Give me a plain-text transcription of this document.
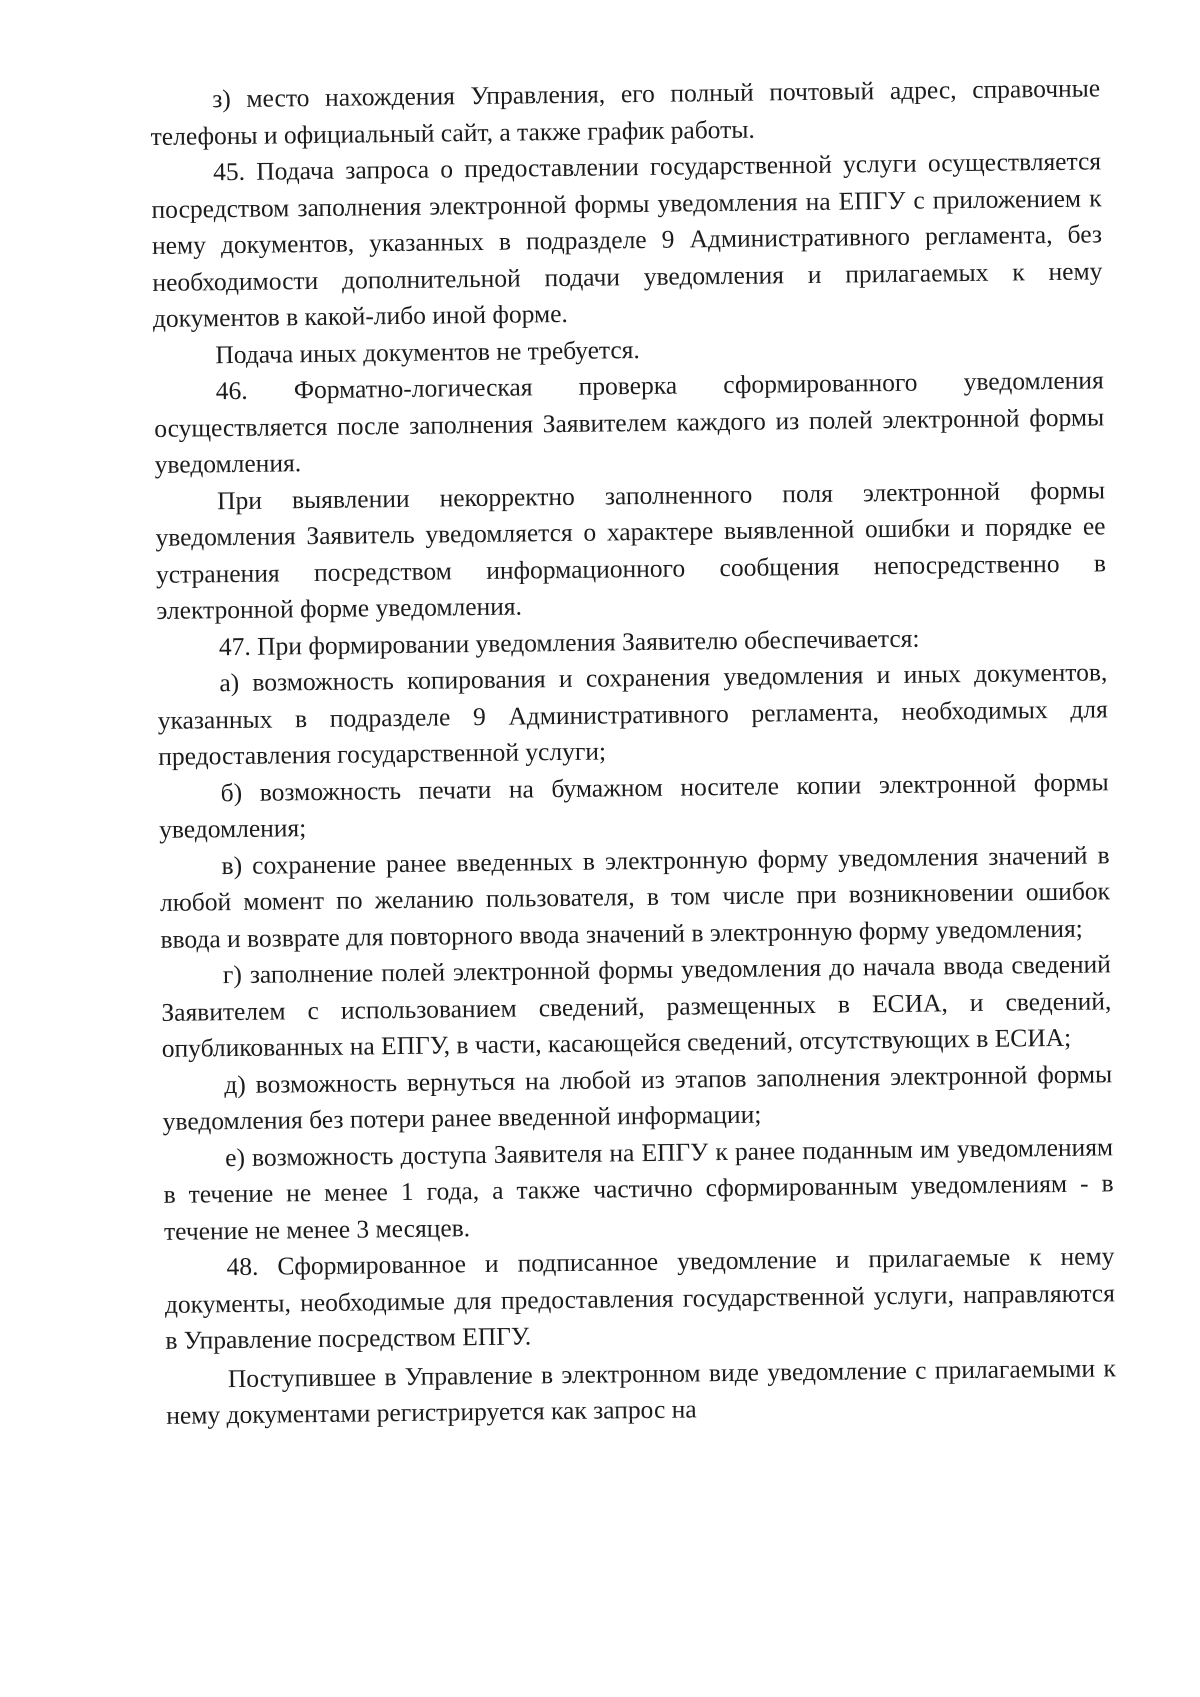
з) место нахождения Управления, его полный почтовый адрес, справочные телефоны и официальный сайт, а также график работы.

45. Подача запроса о предоставлении государственной услуги осуществляется посредством заполнения электронной формы уведомления на ЕПГУ с приложением к нему документов, указанных в подразделе 9 Административного регламента, без необходимости дополнительной подачи уведомления и прилагаемых к нему документов в какой-либо иной форме.

Подача иных документов не требуется.

46. Форматно-логическая проверка сформированного уведомления осуществляется после заполнения Заявителем каждого из полей электронной формы уведомления.

При выявлении некорректно заполненного поля электронной формы уведомления Заявитель уведомляется о характере выявленной ошибки и порядке ее устранения посредством информационного сообщения непосредственно в электронной форме уведомления.

47. При формировании уведомления Заявителю обеспечивается:

а) возможность копирования и сохранения уведомления и иных документов, указанных в подразделе 9 Административного регламента, необходимых для предоставления государственной услуги;

б) возможность печати на бумажном носителе копии электронной формы уведомления;

в) сохранение ранее введенных в электронную форму уведомления значений в любой момент по желанию пользователя, в том числе при возникновении ошибок ввода и возврате для повторного ввода значений в электронную форму уведомления;

г) заполнение полей электронной формы уведомления до начала ввода сведений Заявителем с использованием сведений, размещенных в ЕСИА, и сведений, опубликованных на ЕПГУ, в части, касающейся сведений, отсутствующих в ЕСИА;

д) возможность вернуться на любой из этапов заполнения электронной формы уведомления без потери ранее введенной информации;

е) возможность доступа Заявителя на ЕПГУ к ранее поданным им уведомлениям в течение не менее 1 года, а также частично сформированным уведомлениям - в течение не менее 3 месяцев.

48. Сформированное и подписанное уведомление и прилагаемые к нему документы, необходимые для предоставления государственной услуги, направляются в Управление посредством ЕПГУ.

Поступившее в Управление в электронном виде уведомление с прилагаемыми к нему документами регистрируется как запрос на
